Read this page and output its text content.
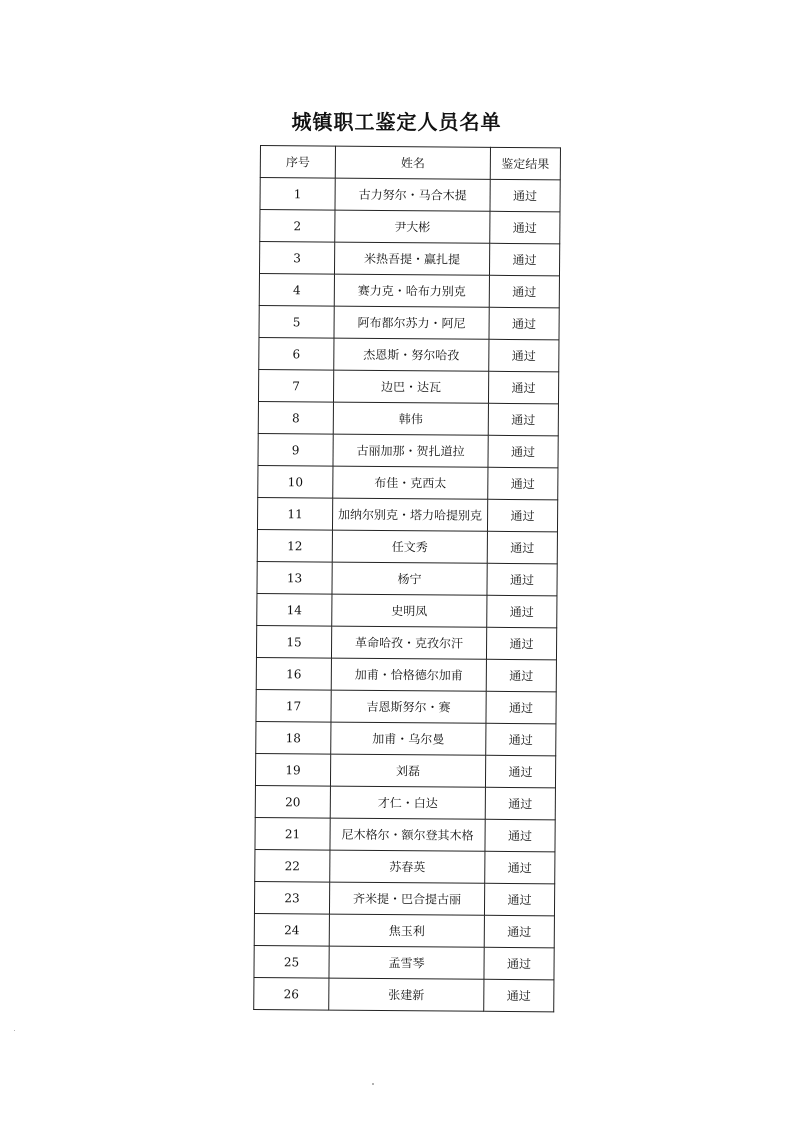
城镇职工鉴定人员名单
序号	姓名	鉴定结果
1	古力努尔・马合木提	通过
2	尹大彬	通过
3	米热吾提・赢扎提	通过
4	赛力克・哈布力别克	通过
5	阿布都尔苏力・阿尼	通过
6	杰恩斯・努尔哈孜	通过
7	边巴・达瓦	通过
8	韩伟	通过
9	古丽加那・贺扎道拉	通过
10	布佳・克西太	通过
11	加纳尔别克・塔力哈提别克	通过
12	任文秀	通过
13	杨宁	通过
14	史明凤	通过
15	革命哈孜・克孜尔汗	通过
16	加甫・恰格德尔加甫	通过
17	吉恩斯努尔・赛	通过
18	加甫・乌尔曼	通过
19	刘磊	通过
20	才仁・白达	通过
21	尼木格尔・额尔登其木格	通过
22	苏春英	通过
23	齐米提・巴合提古丽	通过
24	焦玉利	通过
25	孟雪琴	通过
26	张建新	通过
